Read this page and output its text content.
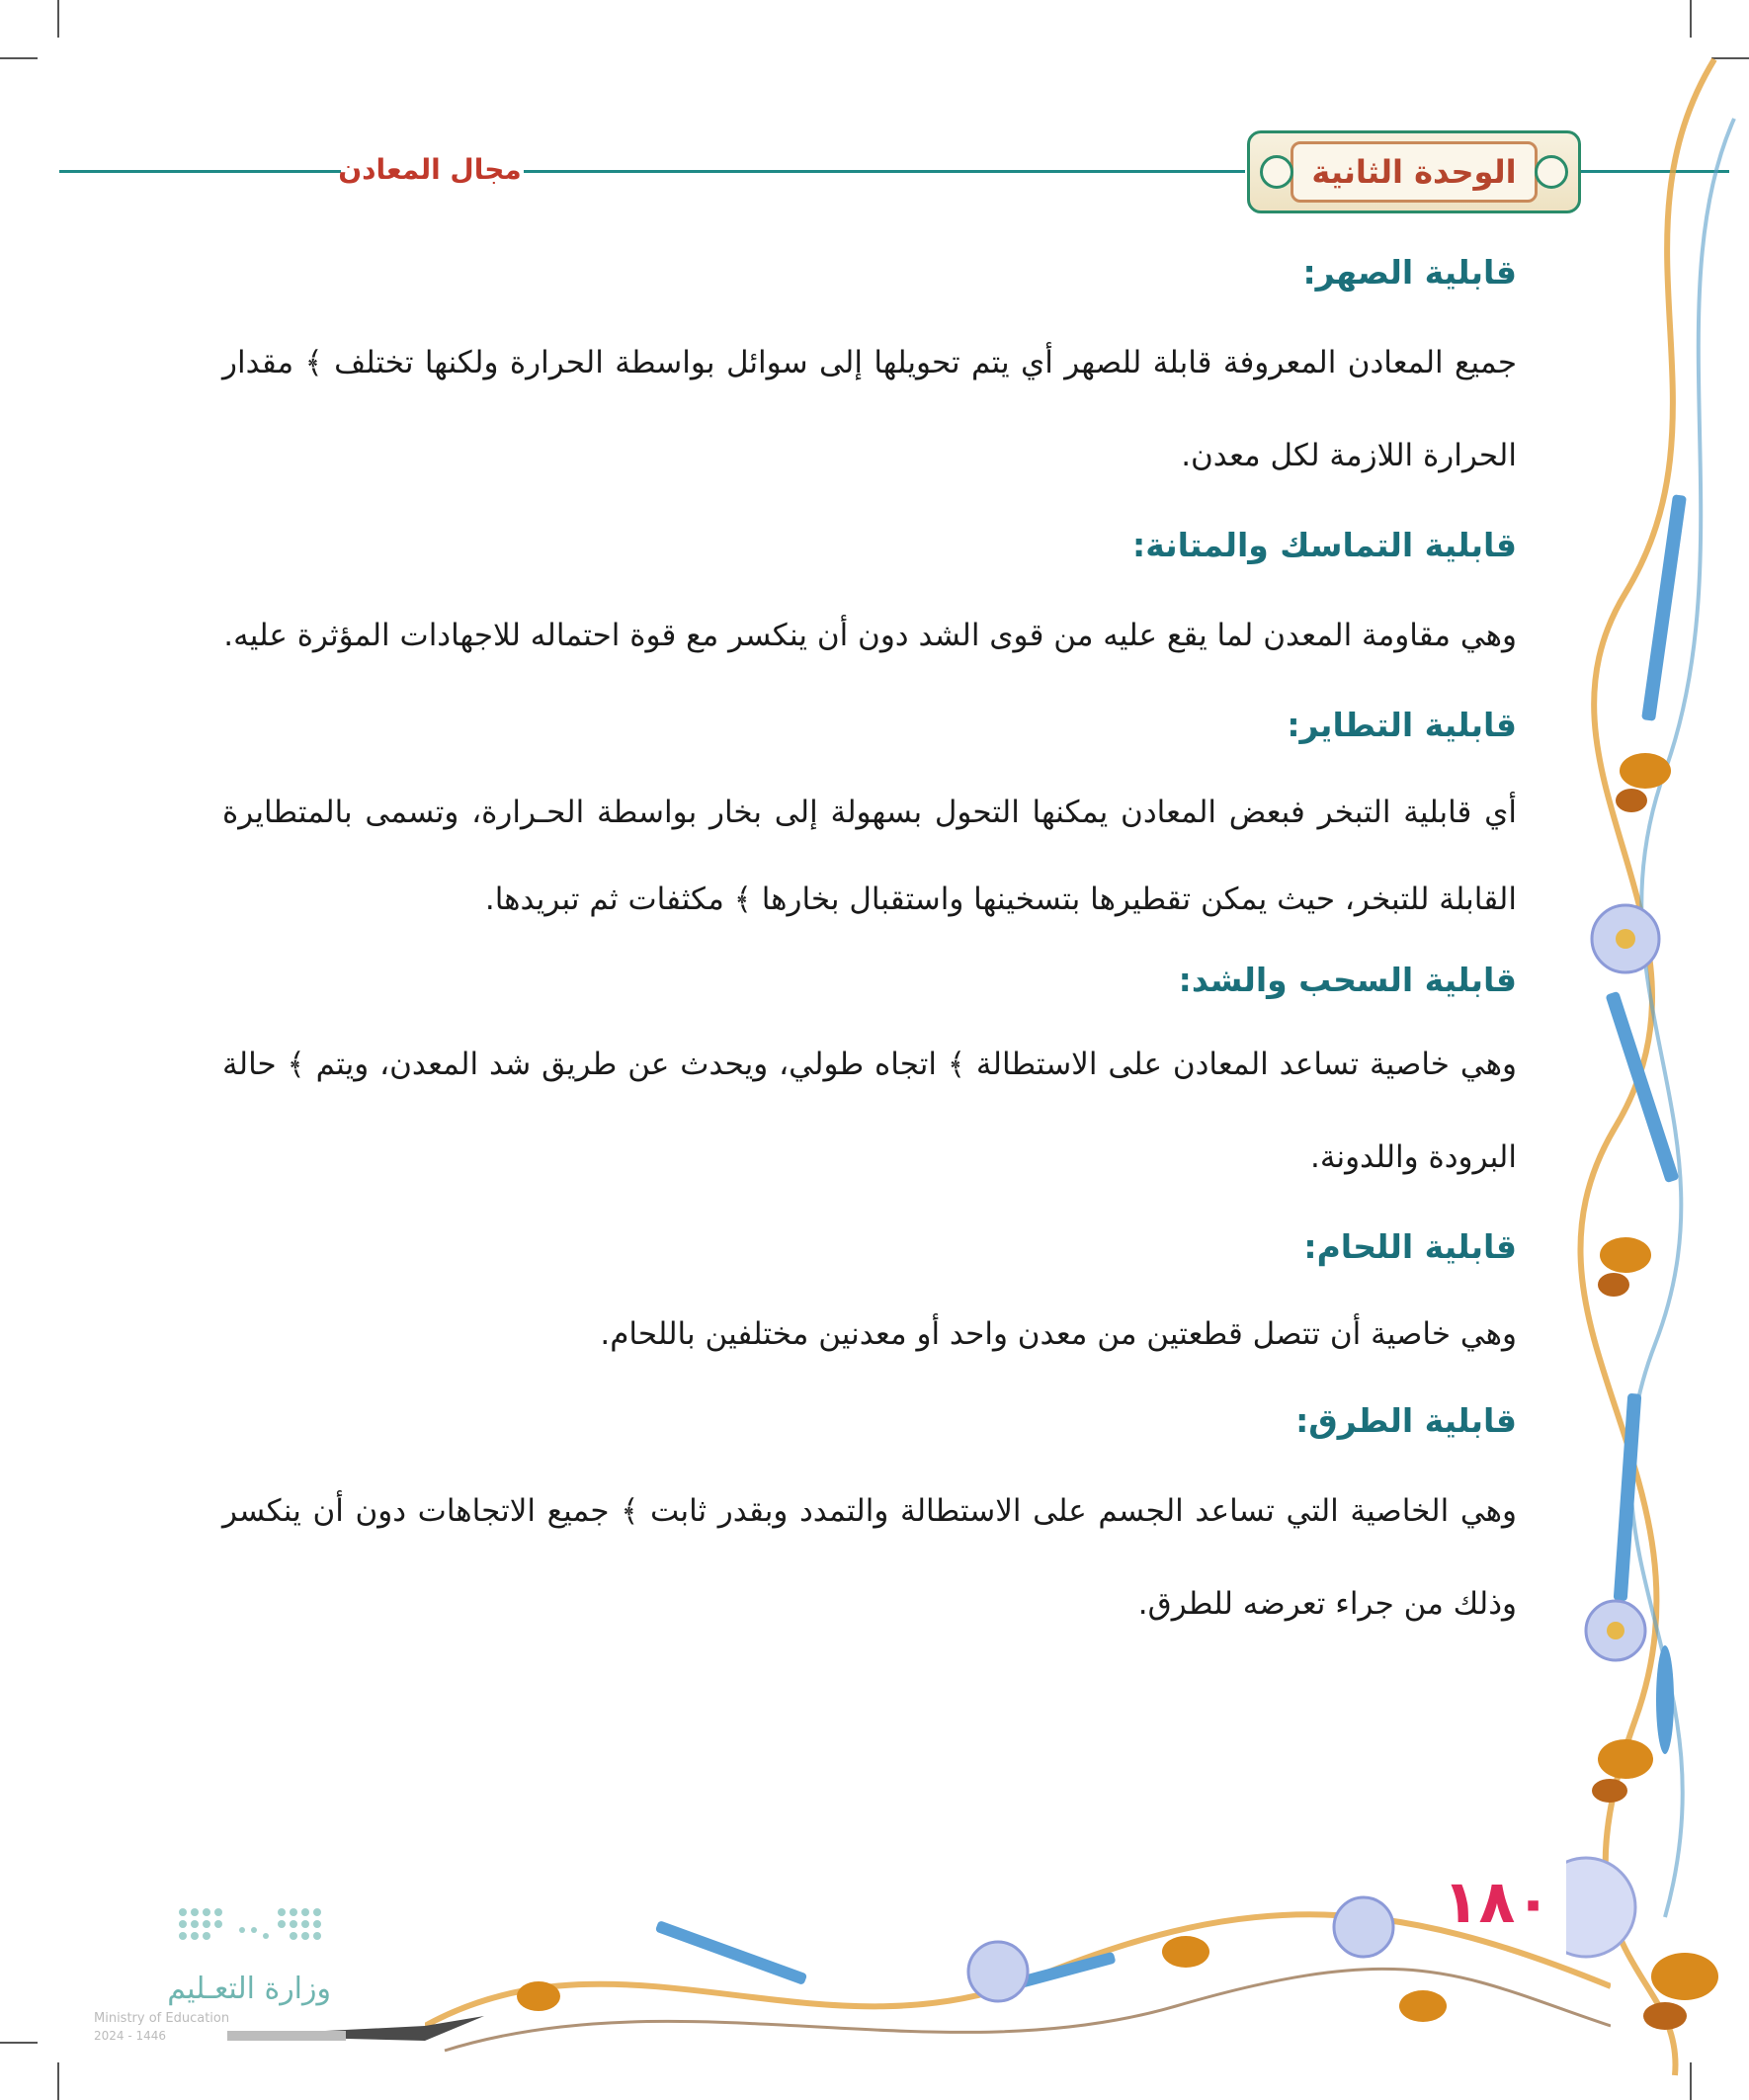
مجال المعادن	الوحدة الثانية
قابلية الصهر:

جميع المعادن المعروفة قابلة للصهر أي يتم تحويلها إلى سوائل بواسطة الحرارة ولكنها تختلف ﴾ مقدار الحرارة اللازمة لكل معدن.

قابلية التماسك والمتانة:

وهي مقاومة المعدن لما يقع عليه من قوى الشد دون أن ينكسر مع قوة احتماله للاجهادات المؤثرة عليه.

قابلية التطاير:

أي قابلية التبخر فبعض المعادن يمكنها التحول بسهولة إلى بخار بواسطة الحـرارة، وتسمى بالمتطايرة القابلة للتبخر، حيث يمكن تقطيرها بتسخينها واستقبال بخارها ﴾ مكثفات ثم تبريدها.

قابلية السحب والشد:

وهي خاصية تساعد المعادن على الاستطالة ﴾ اتجاه طولي، ويحدث عن طريق شد المعدن، ويتم ﴾ حالة البرودة واللدونة.

قابلية اللحام:

وهي خاصية أن تتصل قطعتين من معدن واحد أو معدنين مختلفين باللحام.

قابلية الطرق:

وهي الخاصية التي تساعد الجسم على الاستطالة والتمدد وبقدر ثابت ﴾ جميع الاتجاهات دون أن ينكسر وذلك من جراء تعرضه للطرق.

١٨٠
وزارة التعـليم
Ministry of Education
2024 - 1446
